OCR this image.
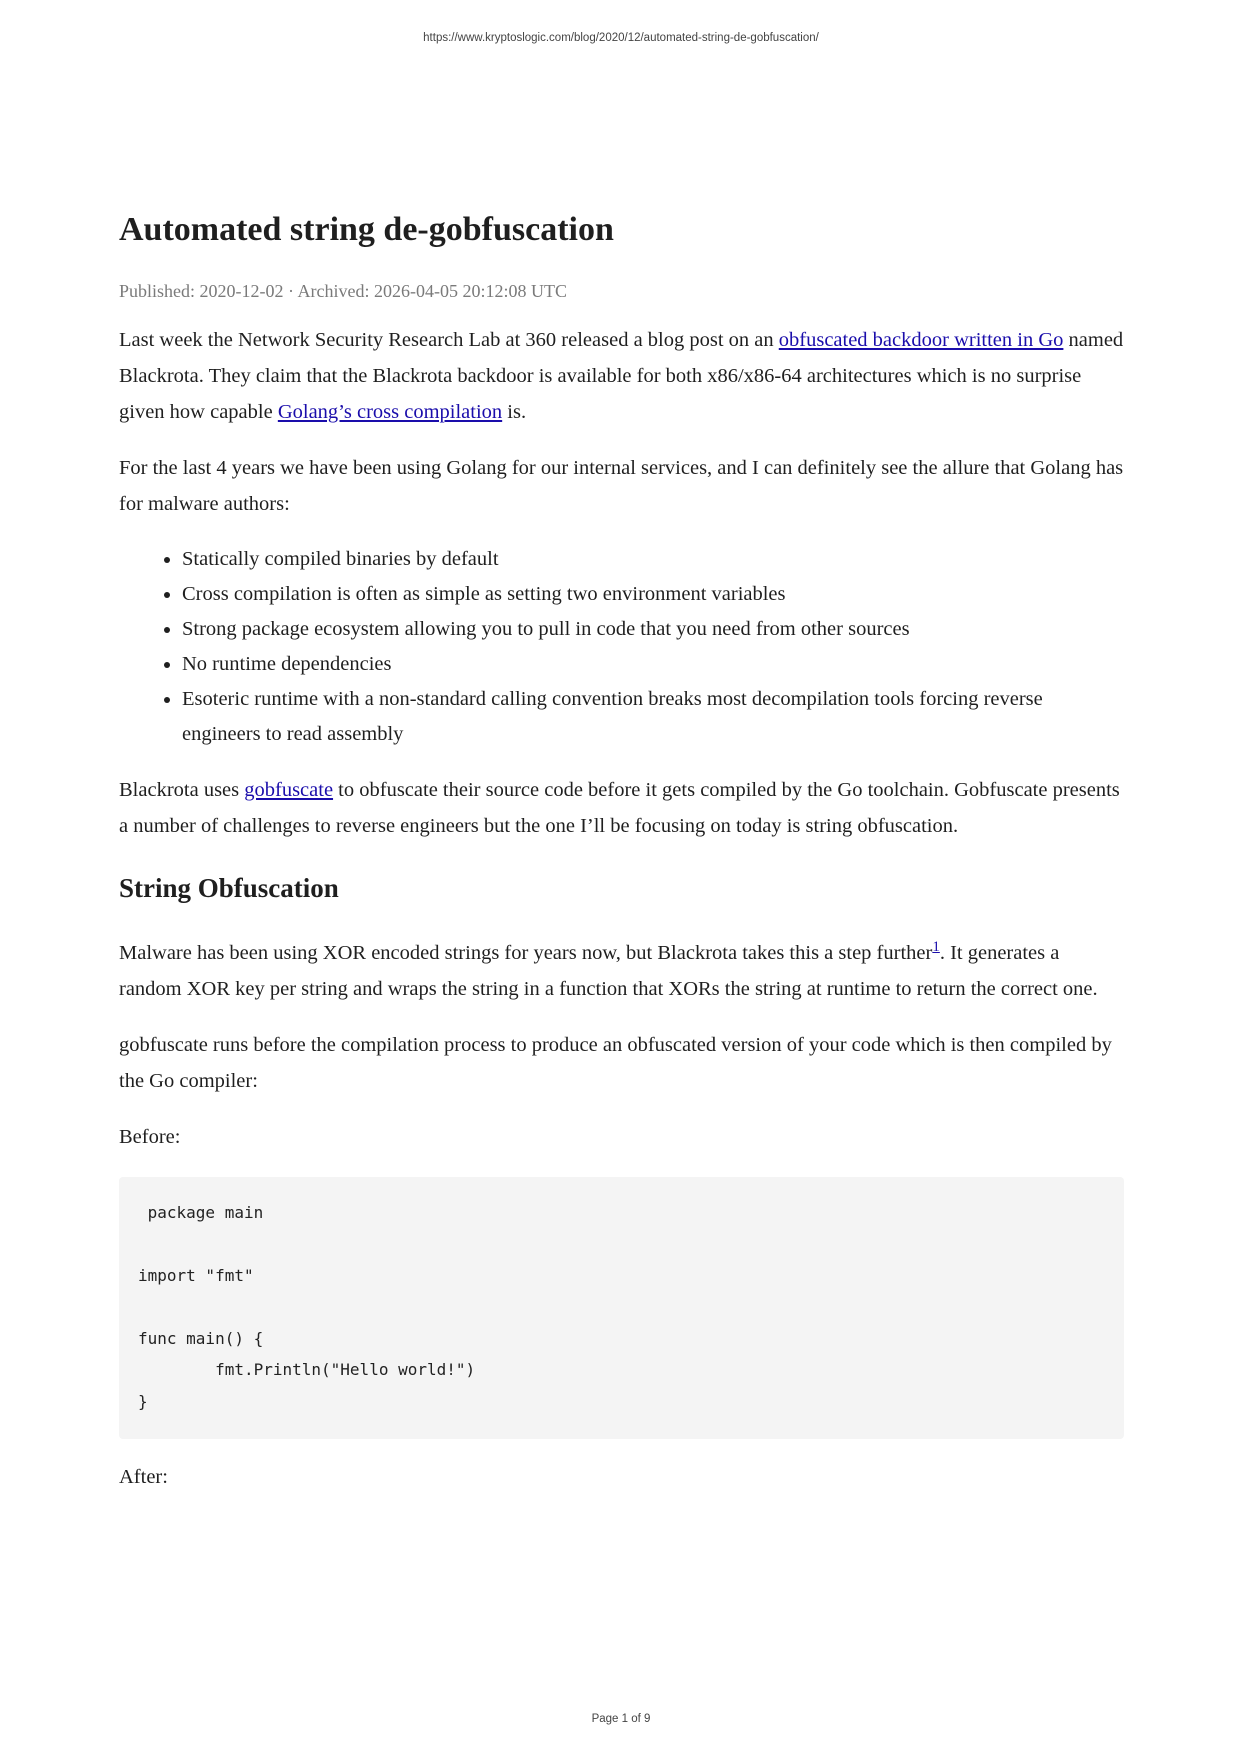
https://www.kryptoslogic.com/blog/2020/12/automated-string-de-gobfuscation/
Automated string de-gobfuscation
Published: 2020-12-02 · Archived: 2026-04-05 20:12:08 UTC

Last week the Network Security Research Lab at 360 released a blog post on an obfuscated backdoor written in Go named Blackrota. They claim that the Blackrota backdoor is available for both x86/x86-64 architectures which is no surprise given how capable Golang’s cross compilation is.

For the last 4 years we have been using Golang for our internal services, and I can definitely see the allure that Golang has for malware authors:

• Statically compiled binaries by default
• Cross compilation is often as simple as setting two environment variables
• Strong package ecosystem allowing you to pull in code that you need from other sources
• No runtime dependencies
• Esoteric runtime with a non-standard calling convention breaks most decompilation tools forcing reverse engineers to read assembly

Blackrota uses gobfuscate to obfuscate their source code before it gets compiled by the Go toolchain. Gobfuscate presents a number of challenges to reverse engineers but the one I’ll be focusing on today is string obfuscation.

String Obfuscation

Malware has been using XOR encoded strings for years now, but Blackrota takes this a step further$^1$. It generates a random XOR key per string and wraps the string in a function that XORs the string at runtime to return the correct one.

gobfuscate runs before the compilation process to produce an obfuscated version of your code which is then compiled by the Go compiler:

Before:

package main
import "fmt"
func main() {
fmt.Println("Hello world!")
}

After:

Page 1 of 9
